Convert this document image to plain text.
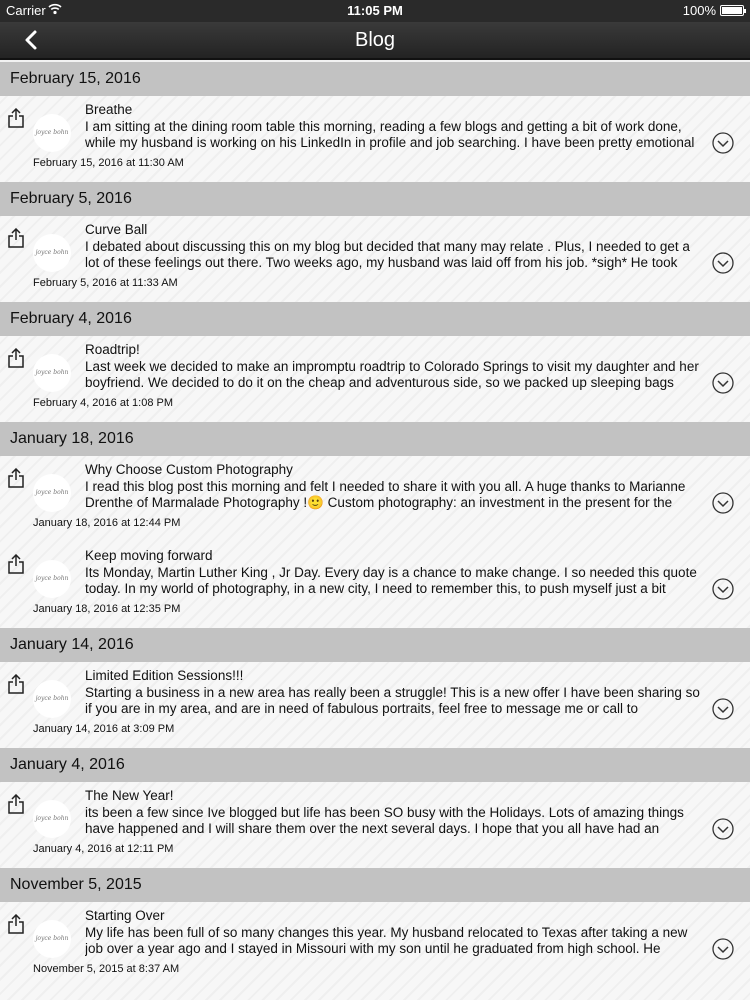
Carrier	11:05 PM	100%
Blog
February 15, 2016
joyce bohn
Breathe
I am sitting at the dining room table this morning, reading a few blogs and getting a bit of work done, while my husband is working on his LinkedIn in profile and job searching. I have been pretty emotional
February 15, 2016 at 11:30 AM
February 5, 2016
joyce bohn
Curve Ball
I debated about discussing this on my blog but decided that many may relate . Plus, I needed to get a lot of these feelings out there. Two weeks ago, my husband was laid off from his job. *sigh* He took
February 5, 2016 at 11:33 AM
February 4, 2016
joyce bohn
Roadtrip!
Last week we decided to make an impromptu roadtrip to Colorado Springs to visit my daughter and her boyfriend. We decided to do it on the cheap and adventurous side, so we packed up sleeping bags
February 4, 2016 at 1:08 PM
January 18, 2016
joyce bohn
Why Choose Custom Photography
I read this blog post this morning and felt I needed to share it with you all. A huge thanks to Marianne Drenthe of Marmalade Photography !🙂 Custom photography: an investment in the present for the
January 18, 2016 at 12:44 PM
joyce bohn
Keep moving forward
Its Monday, Martin Luther King , Jr Day. Every day is a chance to make change. I so needed this quote today. In my world of photography, in a new city, I need to remember this, to push myself just a bit
January 18, 2016 at 12:35 PM
January 14, 2016
joyce bohn
Limited Edition Sessions!!!
Starting a business in a new area has really been a struggle! This is a new offer I have been sharing so if you are in my area, and are in need of fabulous portraits, feel free to message me or call to
January 14, 2016 at 3:09 PM
January 4, 2016
joyce bohn
The New Year!
its been a few since Ive blogged but life has been SO busy with the Holidays. Lots of amazing things have happened and I will share them over the next several days. I hope that you all have had an
January 4, 2016 at 12:11 PM
November 5, 2015
joyce bohn
Starting Over
My life has been full of so many changes this year. My husband relocated to Texas after taking a new job over a year ago and I stayed in Missouri with my son until he graduated from high school. He
November 5, 2015 at 8:37 AM
